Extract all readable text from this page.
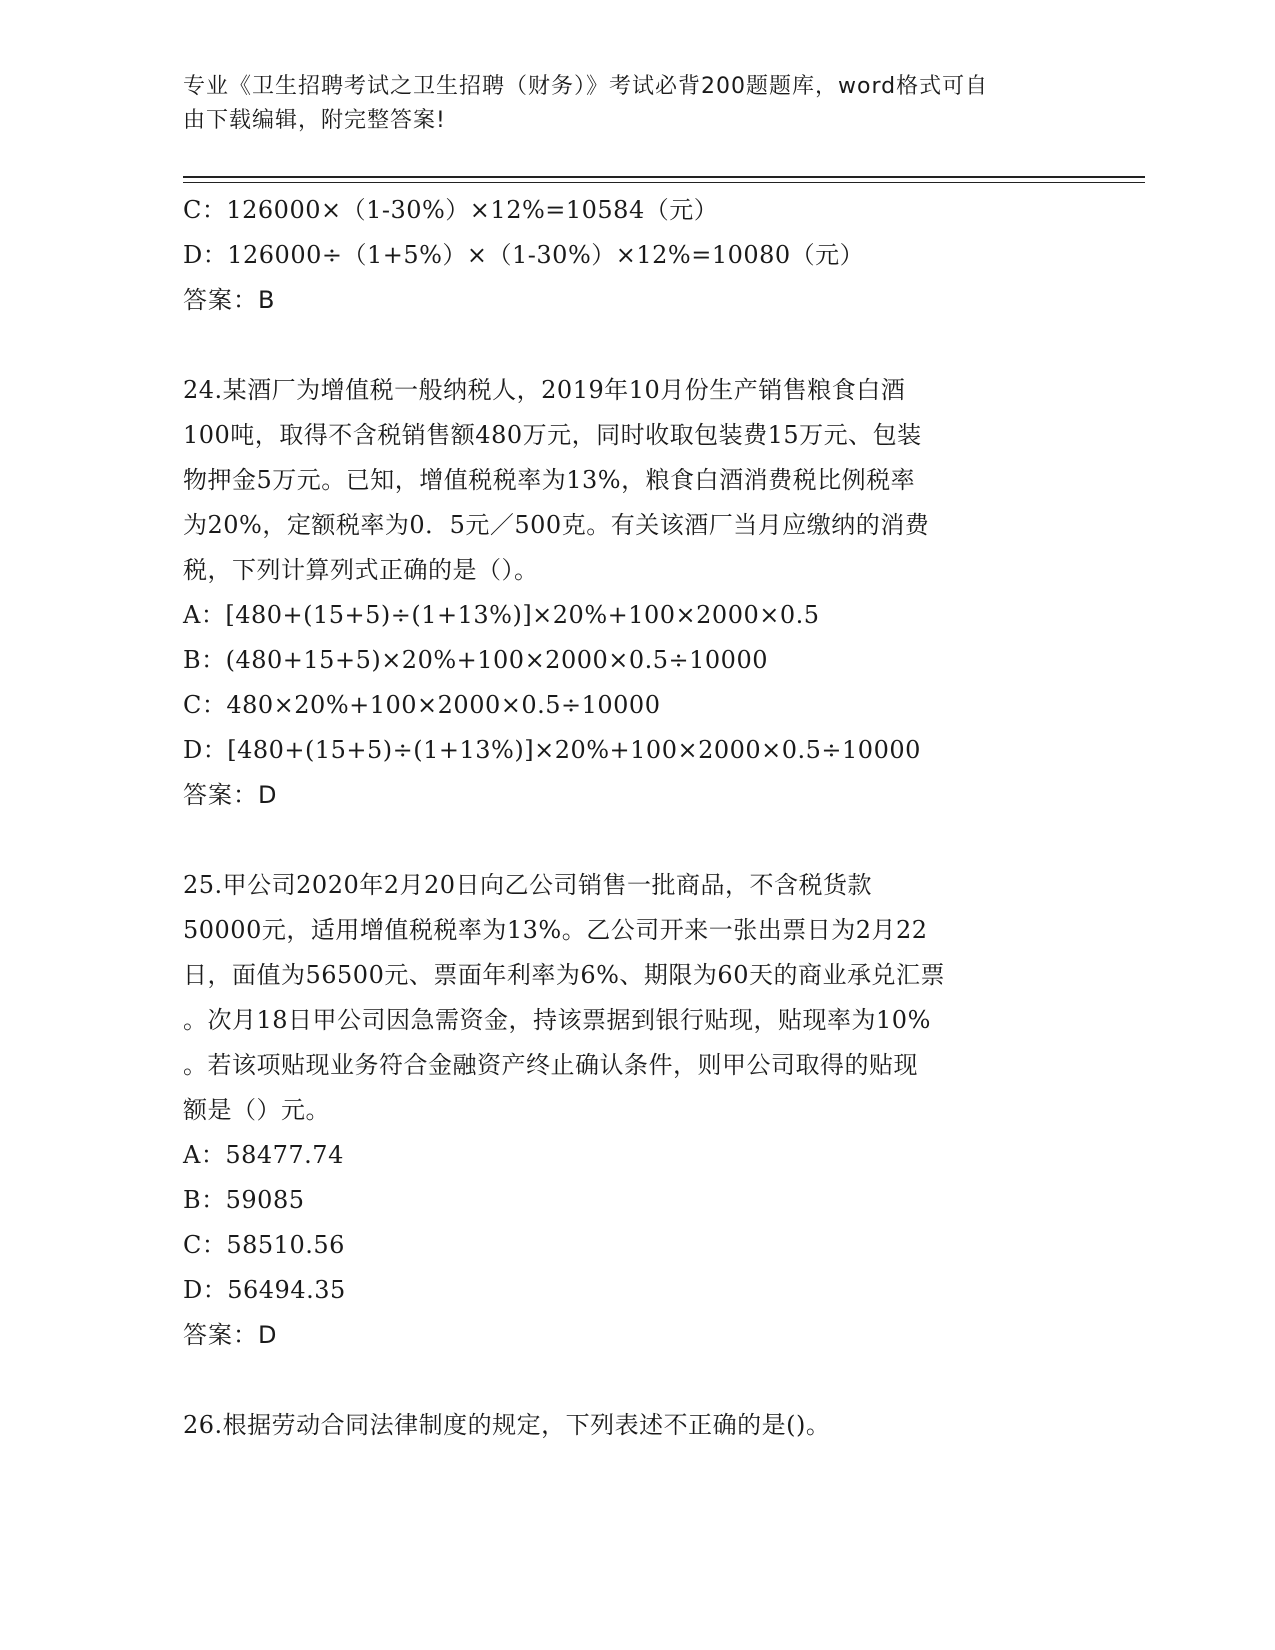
专业《卫生招聘考试之卫生招聘（财务）》考试必背200题题库，word格式可自
由下载编辑，附完整答案!
C：126000×（1-30%）×12%=10584（元）
D：126000÷（1+5%）×（1-30%）×12%=10080（元）
答案：B
24.某酒厂为增值税一般纳税人，2019年10月份生产销售粮食白酒
100吨，取得不含税销售额480万元，同时收取包装费15万元、包装
物押金5万元。已知，增值税税率为13%，粮食白酒消费税比例税率
为20%，定额税率为0．5元／500克。有关该酒厂当月应缴纳的消费
税，下列计算列式正确的是（）。
A：[480+(15+5)÷(1+13%)]×20%+100×2000×0.5
B：(480+15+5)×20%+100×2000×0.5÷10000
C：480×20%+100×2000×0.5÷10000
D：[480+(15+5)÷(1+13%)]×20%+100×2000×0.5÷10000
答案：D
25.甲公司2020年2月20日向乙公司销售一批商品，不含税货款
50000元，适用增值税税率为13%。乙公司开来一张出票日为2月22
日，面值为56500元、票面年利率为6%、期限为60天的商业承兑汇票
。次月18日甲公司因急需资金，持该票据到银行贴现，贴现率为10%
。若该项贴现业务符合金融资产终止确认条件，则甲公司取得的贴现
额是（）元。
A：58477.74
B：59085
C：58510.56
D：56494.35
答案：D
26.根据劳动合同法律制度的规定，下列表述不正确的是()。
